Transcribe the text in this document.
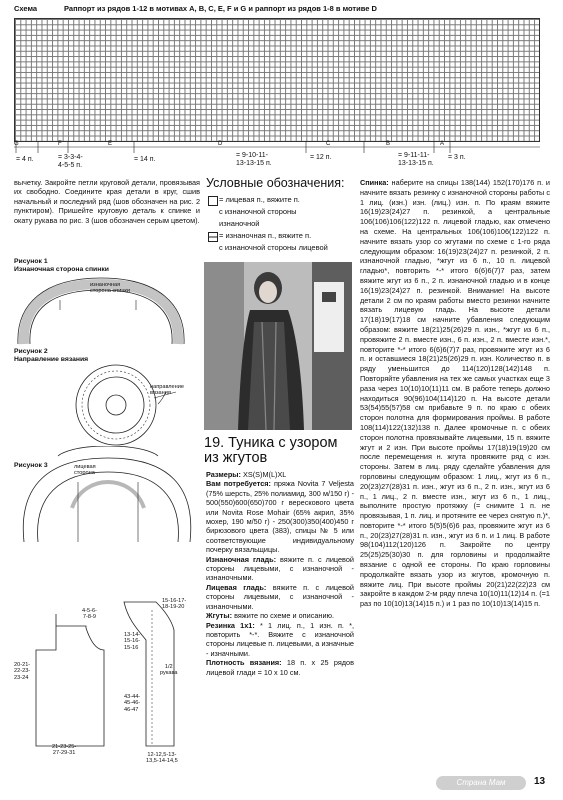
Схема	Раппорт из рядов 1-12 в мотивах A, B, C, E, F и G и раппорт из рядов 1-8 в мотиве D
G	F	E	D	C	B	A
= 4 п.	= 3-3-4-
4-5-5 п.
= 14 п.
= 9-10-11-
13-13-15 п.
= 12 п.	= 9-11-11-
13-13-15 п.
= 3 п.
вычетку. Закройте петли круговой детали, провязывая их свободно. Соедините края детали в круг, сшив начальный и последний ряд (шов обозначен на рис. 2 пунктиром). Пришейте круговую деталь к спинке и окату рукава по рис. 3 (шов обозначен серым цветом).
Рисунок 1
Изнаночная сторона спинки
изнаночная сторона спинки
Рисунок 2
Направление вязания
направление вязания
Рисунок 3	лицевая сторона
4-5-6-
7-8-9
20-21-
22-23-
23-24
21-23-25-
27-29-31
13-14-
15-16-
15-16
15-16-17-
18-19-20
1/2
рукава
43-44-
45-46-
46-47
12-12,5-13-
13,5-14-14,5
Условные обозначения:
= лицевая п., вяжите п.
с изнаночной стороны
изнаночной
= изнаночная п., вяжите п.
с изнаночной стороны лицевой
19. Туника с узором
из жгутов

Размеры: XS(S)M(L)XL

Вам потребуется: пряжа Novita 7 Veljesta (75% шерсть, 25% полиамид, 300 м/150 г) - 500(550)600(650)700 г верескового цвета или Novita Rose Mohair (65% акрил, 35% мохер, 190 м/50 г) - 250(300)350(400)450 г бирюзового цвета (383), спицы № 5 или соответствующие индивидуальному почерку вязальщицы.

Изнаночная гладь: вяжите п. с лицевой стороны лицевыми, с изнаночной - изнаночными.

Лицевая гладь: вяжите п. с лицевой стороны лицевыми, с изнаночной - изнаночными.

Жгуты: вяжите по схеме и описанию.

Резинка 1х1: * 1 лиц. п., 1 изн. п. *, повторить *-*. Вяжите с изнаночной стороны лицевые п. лицевыми, а изначные - изначными.

Плотность вязания: 18 п. х 25 рядов лицевой глади = 10 х 10 см.

Спинка: наберите на спицы 138(144) 152(170)176 п. и начните вязать резинку с изнаночной стороны работы с 1 лиц. (изн.) изн. (лиц.) изн. п. По краям вяжите 16(19)23(24)27 п. резинкой, а центральные 106(106)106(122)122 п. лицевой гладью, как отмечено на схеме. На центральных 106(106)106(122)122 п. начните вязать узор со жгутами по схеме с 1-го ряда следующим образом: 16(19)23(24)27 п. резинкой, 2 п. изнаночной гладью, *жгут из 6 п., 10 п. лицевой гладью*, повторить *-* итого 6(6)6(7)7 раз, затем вяжите жгут из 6 п., 2 п. изнаночной гладью и в конце 16(19)23(24)27 п. резинкой. Внимание! На высоте детали 2 см по краям работы вместо резинки начните вязать лицевую гладь. На высоте детали 17(18)19(17)18 см начните убавления следующим образом: вяжите 18(21)25(26)29 п. изн., *жгут из 6 п., провяжите 2 п. вместе изн., 6 п. изн., 2 п. вместе изн.*, повторите *-* итого 6(6)6(7)7 раз, провяжите жгут из 6 п. и оставшиеся 18(21)25(26)29 п. изн. Количество п. в ряду уменьшится до 114(120)128(142)148 п. Повторяйте убавления на тех же самых участках еще 3 раза через 10(10)10(11)11 см. В работе теперь должно находиться 90(96)104(114)120 п. На высоте детали 53(54)55(57)58 см прибавьте 9 п. по краю с обеих сторон полотна для формирования проймы. В работе 108(114)122(132)138 п. Далее кромочные п. с обеих сторон полотна провязывайте лицевыми, 15 п. вяжите жгут и 2 изн. При высоте проймы 17(18)19(19)20 см после перемещения н. жгута провяжите ряд с изн. стороны. Затем в лиц. ряду сделайте убавления для горловины следующим образом: 1 лиц., жгут из 6 п., 20(23)27(28)31 п. изн., жгут из 6 п., 2 п. изн., жгут из 6 п., 1 лиц., 2 п. вместе изн., жгут из 6 п., 1 лиц., выполните простую протяжку (= снимите 1 п. не провязывая, 1 п. лиц. и протяните ее через снятую п.)*, повторите *-* итого 5(5)5(6)6 раз, провяжите жгут из 6 п., 20(23)27(28)31 п. изн., жгут из 6 п. и 1 лиц. В работе 98(104)112(120)126 п. Закройте по центру 25(25)25(30)30 п. для горловины и продолжайте вязание с одной ее стороны. По краю горловины продолжайте вязать узор из жгутов, кромочную п. вяжите лиц. При высоте проймы 20(21)22(22)23 см закройте в каждом 2-м ряду плеча 10(10)11(12)14 п. (=1 раз по 10(10)13(14)15 п.) и 1 раз по 10(10)13(14)15 п.
Страна Мам	13
